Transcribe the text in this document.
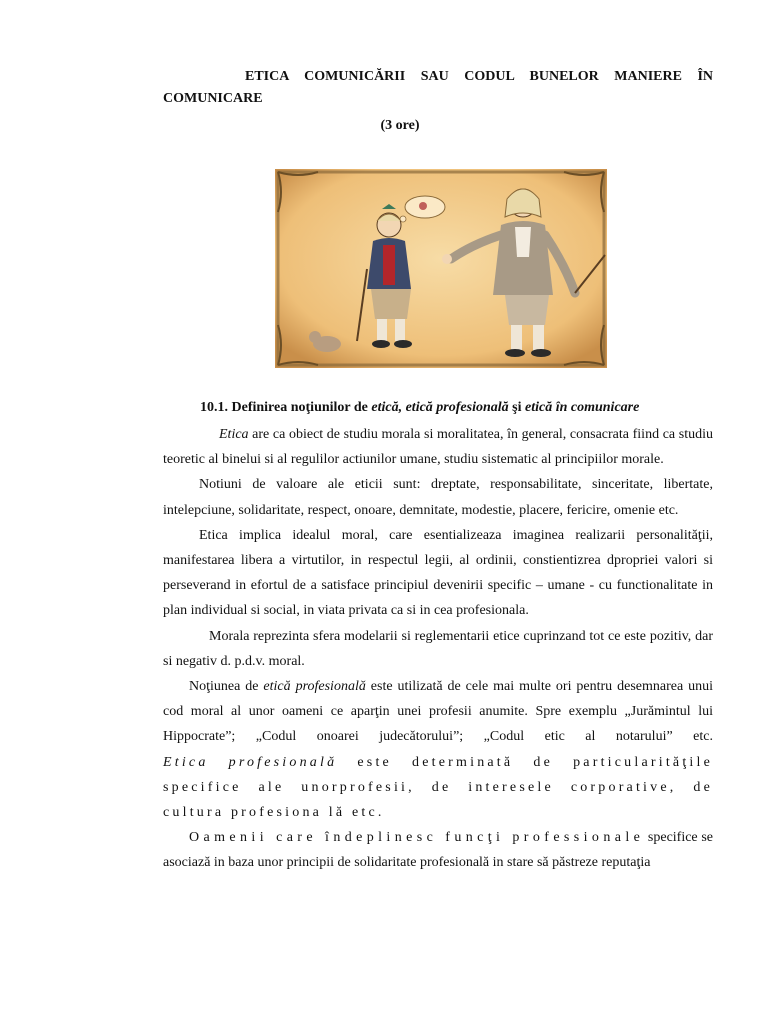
ETICA COMUNICĂRII SAU CODUL BUNELOR MANIERE ÎN
COMUNICARE
(3 ore)
10.1. Definirea noţiunilor de etică, etică profesională şi etică în comunicare

Etica are ca obiect de studiu morala si moralitatea, în general, consacrata fiind ca studiu teoretic al binelui si al regulilor actiunilor umane, studiu sistematic al principiilor morale.

Notiuni de valoare ale eticii sunt: dreptate, responsabilitate, sinceritate, libertate, intelepciune, solidaritate, respect, onoare, demnitate, modestie, placere, fericire, omenie etc.

Etica implica idealul moral, care esentializeaza imaginea realizarii personalităţii, manifestarea libera a virtutilor, in respectul legii, al ordinii, constientizrea dpropriei valori si perseverand in efortul de a satisface principiul devenirii specific – umane - cu functionalitate in plan individual si social, in viata privata ca si in cea profesionala.

Morala reprezinta sfera modelarii si reglementarii etice cuprinzand tot ce este pozitiv, dar si negativ d. p.d.v. moral.

Noţiunea de etică profesională este utilizată de cele mai multe ori pentru desemnarea unui cod moral al unor oameni ce aparţin unei profesii anumite. Spre exemplu „Jurămintul lui Hippocrate”; „Codul onoarei judecătorului”; „Codul etic al notarului” etc.

Etica profesională este determinată de particularităţile specifice ale unorprofesii, de interesele corporative, de cultura profesiona lă etc.

Oamenii care îndeplinesc funcţi professionale specifice se asociază in baza unor principii de solidaritate profesională in stare să păstreze reputaţia
